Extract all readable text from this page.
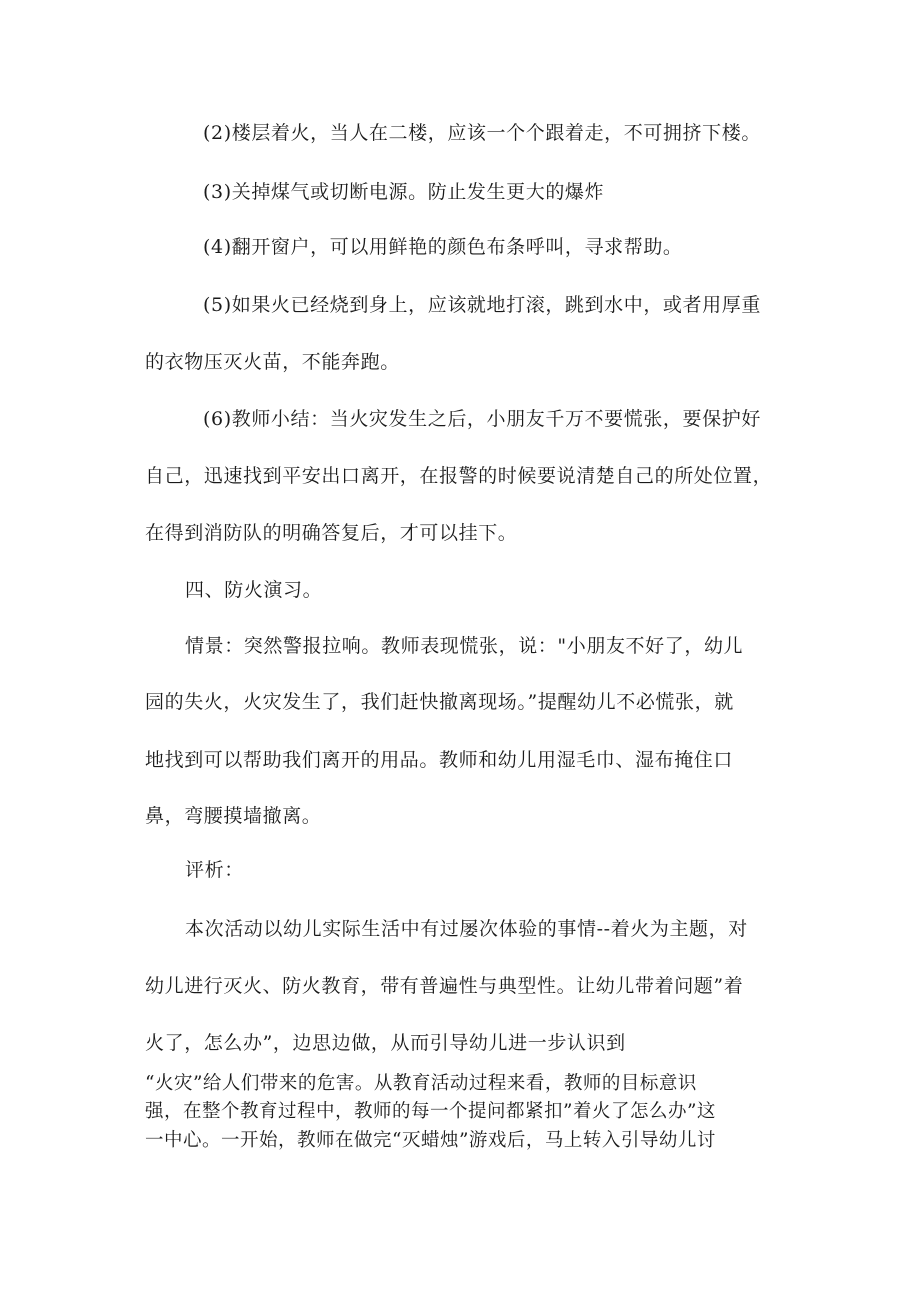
(2)楼层着火，当人在二楼，应该一个个跟着走，不可拥挤下楼。
(3)关掉煤气或切断电源。防止发生更大的爆炸
(4)翻开窗户，可以用鲜艳的颜色布条呼叫，寻求帮助。
(5)如果火已经烧到身上，应该就地打滚，跳到水中，或者用厚重
的衣物压灭火苗，不能奔跑。
(6)教师小结：当火灾发生之后，小朋友千万不要慌张，要保护好
自己，迅速找到平安出口离开，在报警的时候要说清楚自己的所处位置，
在得到消防队的明确答复后，才可以挂下。
四、防火演习。
情景：突然警报拉响。教师表现慌张，说："小朋友不好了，幼儿
园的失火，火灾发生了，我们赶快撤离现场。”提醒幼儿不必慌张，就
地找到可以帮助我们离开的用品。教师和幼儿用湿毛巾、湿布掩住口
鼻，弯腰摸墙撤离。
评析：
本次活动以幼儿实际生活中有过屡次体验的事情--着火为主题，对
幼儿进行灭火、防火教育，带有普遍性与典型性。让幼儿带着问题”着
火了，怎么办”，边思边做，从而引导幼儿进一步认识到
“火灾”给人们带来的危害。从教育活动过程来看，教师的目标意识
强，在整个教育过程中，教师的每一个提问都紧扣”着火了怎么办”这
一中心。一开始，教师在做完“灭蜡烛”游戏后，马上转入引导幼儿讨
